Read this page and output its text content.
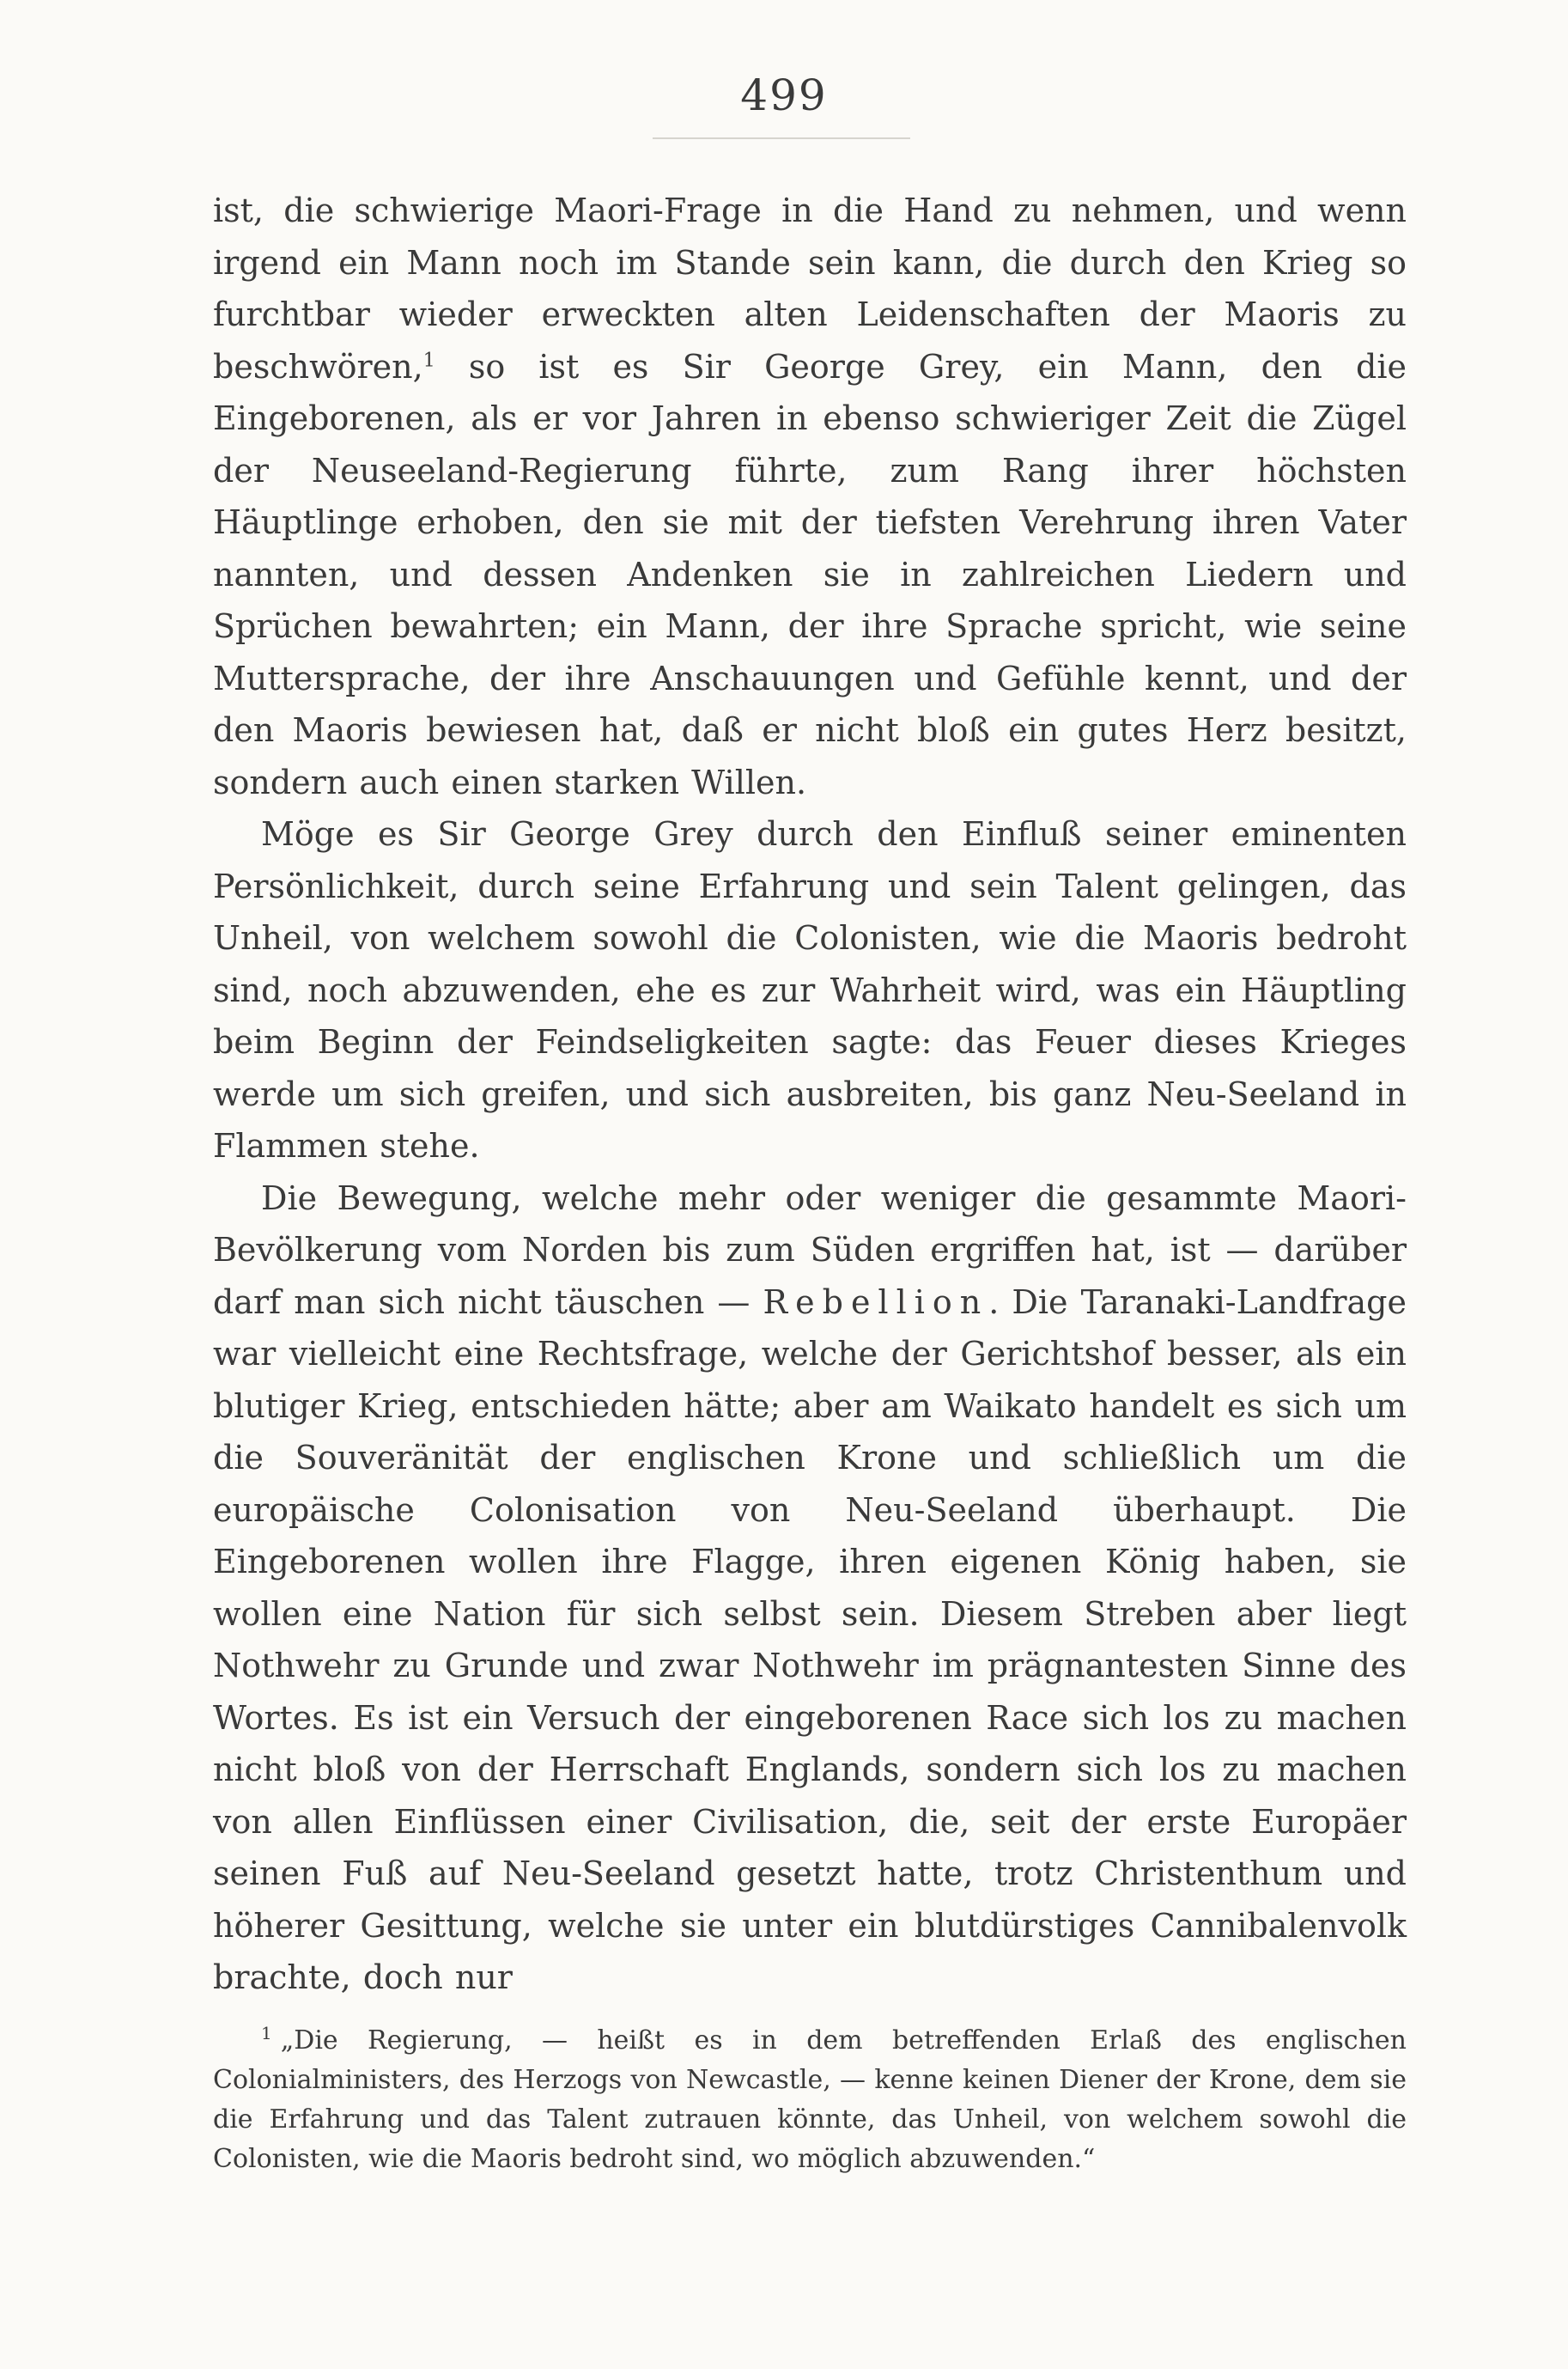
499

ist, die schwierige Maori-Frage in die Hand zu nehmen, und wenn irgend ein Mann noch im Stande sein kann, die durch den Krieg so furchtbar wieder erweckten alten Leidenschaften der Maoris zu beschwören,$^1$ so ist es Sir George Grey, ein Mann, den die Eingeborenen, als er vor Jahren in ebenso schwieriger Zeit die Zügel der Neuseeland-Regierung führte, zum Rang ihrer höchsten Häuptlinge erhoben, den sie mit der tiefsten Verehrung ihren Vater nannten, und dessen Andenken sie in zahlreichen Liedern und Sprüchen bewahrten; ein Mann, der ihre Sprache spricht, wie seine Muttersprache, der ihre Anschauungen und Gefühle kennt, und der den Maoris bewiesen hat, daß er nicht bloß ein gutes Herz besitzt, sondern auch einen starken Willen.

Möge es Sir George Grey durch den Einfluß seiner eminenten Persönlichkeit, durch seine Erfahrung und sein Talent gelingen, das Unheil, von welchem sowohl die Colonisten, wie die Maoris bedroht sind, noch abzuwenden, ehe es zur Wahrheit wird, was ein Häuptling beim Beginn der Feindseligkeiten sagte: das Feuer dieses Krieges werde um sich greifen, und sich ausbreiten, bis ganz Neu-Seeland in Flammen stehe.

Die Bewegung, welche mehr oder weniger die gesammte Maori-Bevölkerung vom Norden bis zum Süden ergriffen hat, ist — darüber darf man sich nicht täuschen — Rebellion. Die Taranaki-Landfrage war vielleicht eine Rechtsfrage, welche der Gerichtshof besser, als ein blutiger Krieg, entschieden hätte; aber am Waikato handelt es sich um die Souveränität der englischen Krone und schließlich um die europäische Colonisation von Neu-Seeland überhaupt. Die Eingeborenen wollen ihre Flagge, ihren eigenen König haben, sie wollen eine Nation für sich selbst sein. Diesem Streben aber liegt Nothwehr zu Grunde und zwar Nothwehr im prägnantesten Sinne des Wortes. Es ist ein Versuch der eingeborenen Race sich los zu machen nicht bloß von der Herrschaft Englands, sondern sich los zu machen von allen Einflüssen einer Civilisation, die, seit der erste Europäer seinen Fuß auf Neu-Seeland gesetzt hatte, trotz Christenthum und höherer Gesittung, welche sie unter ein blutdürstiges Cannibalenvolk brachte, doch nur

$^1$ „Die Regierung, — heißt es in dem betreffenden Erlaß des englischen Colonialministers, des Herzogs von Newcastle, — kenne keinen Diener der Krone, dem sie die Erfahrung und das Talent zutrauen könnte, das Unheil, von welchem sowohl die Colonisten, wie die Maoris bedroht sind, wo möglich abzuwenden.“
